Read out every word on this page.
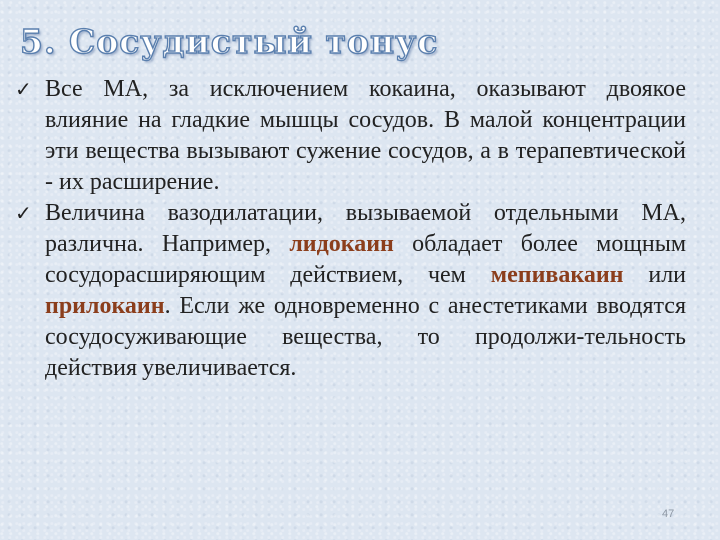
5. Сосудистый тонус

✓ Все МА, за исключением кокаина, оказывают двоякое влияние на гладкие мышцы сосудов. В малой концентрации эти вещества вызывают сужение сосудов, а в терапевтической - их расширение.

✓ Величина вазодилатации, вызываемой отдельными МА, различна. Например, лидокаин обладает более мощным сосудорасширяющим действием, чем мепивакаин или прилокаин. Если же одновременно с анестетиками вводятся сосудосуживающие вещества, то продолжи-тельность действия увеличивается.

47
